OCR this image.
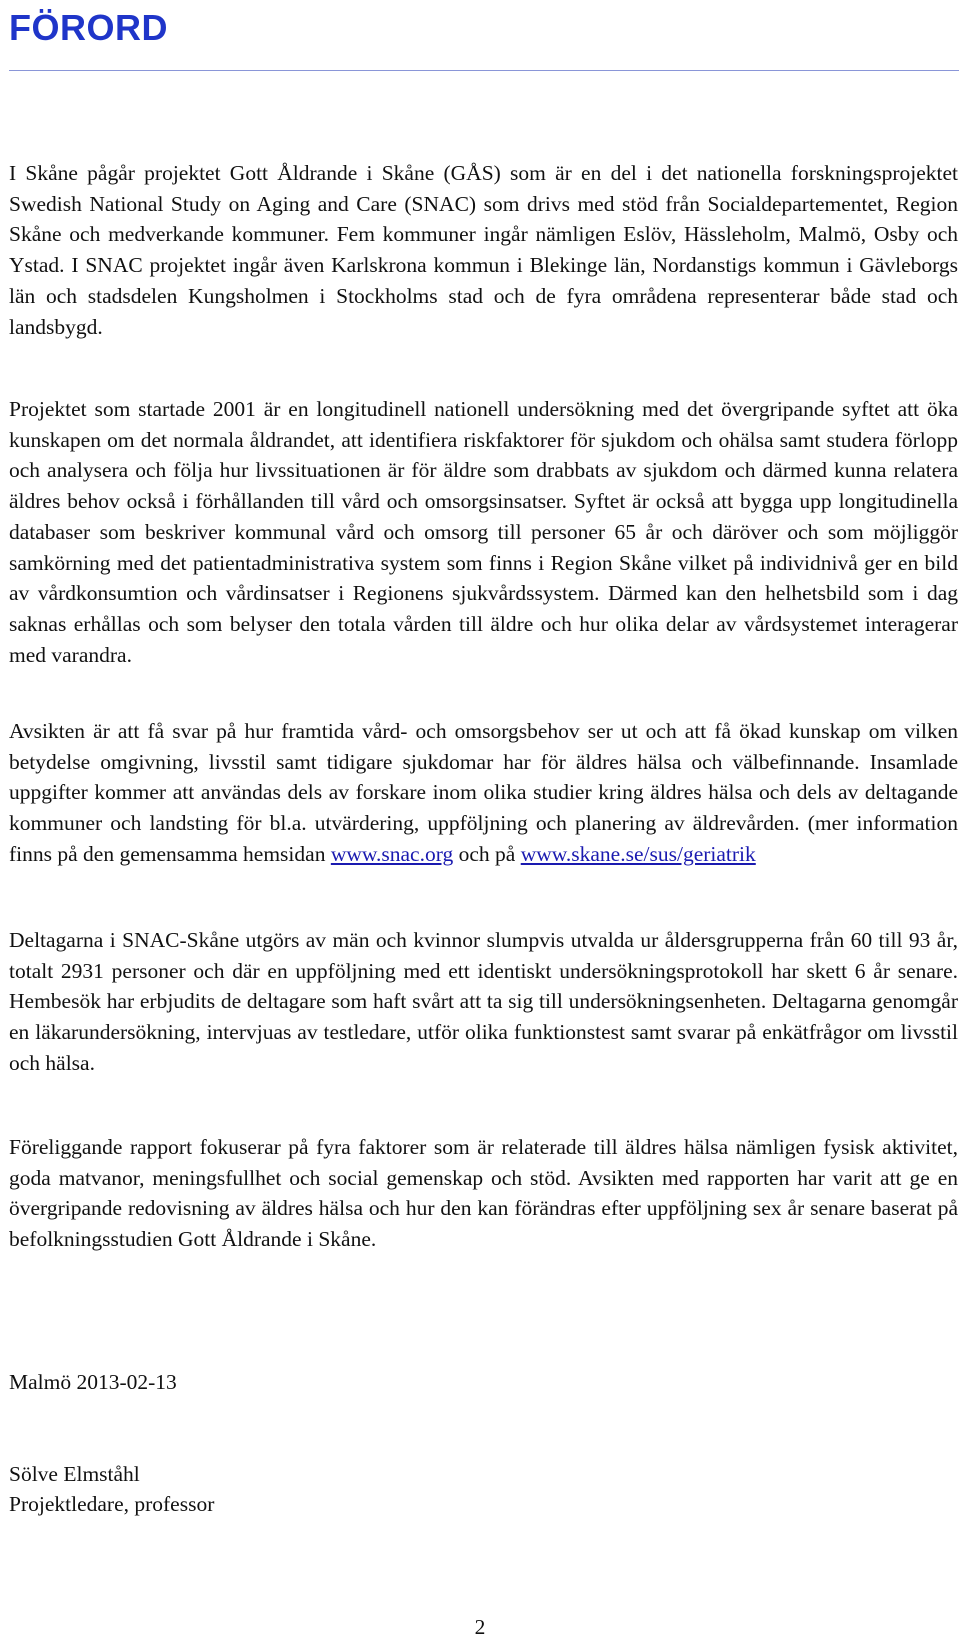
FÖRORD

I Skåne pågår projektet Gott Åldrande i Skåne (GÅS) som är en del i det nationella forskningsprojektet Swedish National Study on Aging and Care (SNAC) som drivs med stöd från Socialdepartementet, Region Skåne och medverkande kommuner. Fem kommuner ingår nämligen Eslöv, Hässleholm, Malmö, Osby och Ystad. I SNAC projektet ingår även Karlskrona kommun i Blekinge län, Nordanstigs kommun i Gävleborgs län och stadsdelen Kungsholmen i Stockholms stad och de fyra områdena representerar både stad och landsbygd.

Projektet som startade 2001 är en longitudinell nationell undersökning med det övergripande syftet att öka kunskapen om det normala åldrandet, att identifiera riskfaktorer för sjukdom och ohälsa samt studera förlopp och analysera och följa hur livssituationen är för äldre som drabbats av sjukdom och därmed kunna relatera äldres behov också i förhållanden till vård och omsorgsinsatser. Syftet är också att bygga upp longitudinella databaser som beskriver kommunal vård och omsorg till personer 65 år och däröver och som möjliggör samkörning med det patientadministrativa system som finns i Region Skåne vilket på individnivå ger en bild av vårdkonsumtion och vårdinsatser i Regionens sjukvårdssystem. Därmed kan den helhetsbild som i dag saknas erhållas och som belyser den totala vården till äldre och hur olika delar av vårdsystemet interagerar med varandra.

Avsikten är att få svar på hur framtida vård- och omsorgsbehov ser ut och att få ökad kunskap om vilken betydelse omgivning, livsstil samt tidigare sjukdomar har för äldres hälsa och välbefinnande. Insamlade uppgifter kommer att användas dels av forskare inom olika studier kring äldres hälsa och dels av deltagande kommuner och landsting för bl.a. utvärdering, uppföljning och planering av äldrevården. (mer information finns på den gemensamma hemsidan www.snac.org och på www.skane.se/sus/geriatrik

Deltagarna i SNAC-Skåne utgörs av män och kvinnor slumpvis utvalda ur åldersgrupperna från 60 till 93 år, totalt 2931 personer och där en uppföljning med ett identiskt undersökningsprotokoll har skett 6 år senare. Hembesök har erbjudits de deltagare som haft svårt att ta sig till undersökningsenheten. Deltagarna genomgår en läkarundersökning, intervjuas av testledare, utför olika funktionstest samt svarar på enkätfrågor om livsstil och hälsa.

Föreliggande rapport fokuserar på fyra faktorer som är relaterade till äldres hälsa nämligen fysisk aktivitet, goda matvanor, meningsfullhet och social gemenskap och stöd. Avsikten med rapporten har varit att ge en övergripande redovisning av äldres hälsa och hur den kan förändras efter uppföljning sex år senare baserat på befolkningsstudien Gott Åldrande i Skåne.

Malmö 2013-02-13

Sölve Elmståhl

Projektledare, professor

2
